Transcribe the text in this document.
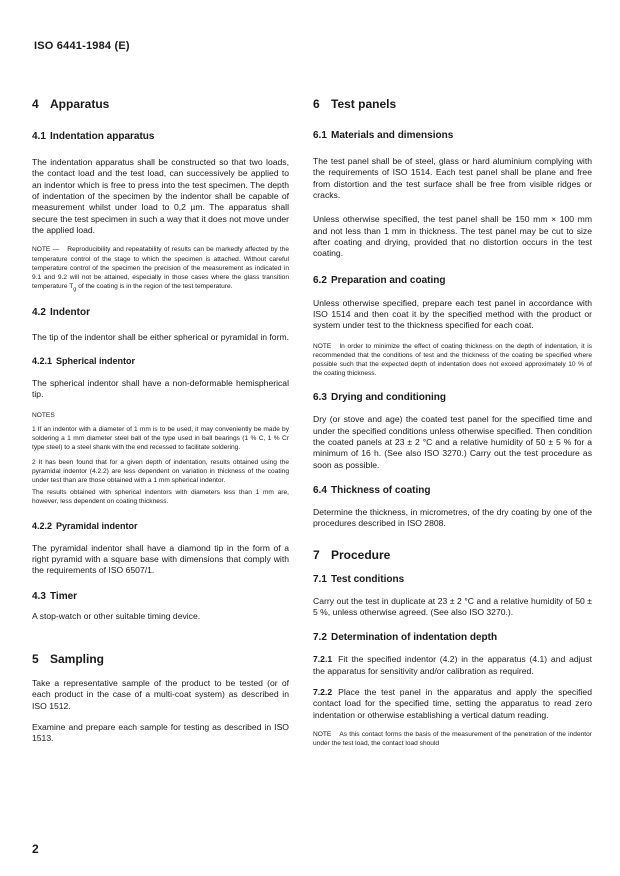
ISO 6441-1984 (E)
4 Apparatus
4.1 Indentation apparatus

The indentation apparatus shall be constructed so that two loads, the contact load and the test load, can successively be applied to an indentor which is free to press into the test specimen. The depth of indentation of the specimen by the indentor shall be capable of measurement whilst under load to 0,2 µm. The apparatus shall secure the test specimen in such a way that it does not move under the applied load.

NOTE — Reproducibility and repeatability of results can be markedly affected by the temperature control of the stage to which the specimen is attached. Without careful temperature control of the specimen the precision of the measurement as indicated in 9.1 and 9.2 will not be attained, especially in those cases where the glass transition temperature $T_g$ of the coating is in the region of the test temperature.

4.2 Indentor

The tip of the indentor shall be either spherical or pyramidal in form.

4.2.1 Spherical indentor

The spherical indentor shall have a non-deformable hemispherical tip.

NOTES

1 If an indentor with a diameter of 1 mm is to be used, it may conveniently be made by soldering a 1 mm diameter steel ball of the type used in ball bearings (1 % C, 1 % Cr type steel) to a steel shank with the end recessed to facilitate soldering.

2 It has been found that for a given depth of indentation, results obtained using the pyramidal indentor (4.2.2) are less dependent on variation in thickness of the coating under test than are those obtained with a 1 mm spherical indentor.

The results obtained with spherical indentors with diameters less than 1 mm are, however, less dependent on coating thickness.

4.2.2 Pyramidal indentor

The pyramidal indentor shall have a diamond tip in the form of a right pyramid with a square base with dimensions that comply with the requirements of ISO 6507/1.

4.3 Timer

A stop-watch or other suitable timing device.

5 Sampling

Take a representative sample of the product to be tested (or of each product in the case of a multi-coat system) as described in ISO 1512.

Examine and prepare each sample for testing as described in ISO 1513.

6 Test panels
6.1 Materials and dimensions

The test panel shall be of steel, glass or hard aluminium complying with the requirements of ISO 1514. Each test panel shall be plane and free from distortion and the test surface shall be free from visible ridges or cracks.

Unless otherwise specified, the test panel shall be 150 mm × 100 mm and not less than 1 mm in thickness. The test panel may be cut to size after coating and drying, provided that no distortion occurs in the test coating.

6.2 Preparation and coating

Unless otherwise specified, prepare each test panel in accordance with ISO 1514 and then coat it by the specified method with the product or system under test to the thickness specified for each coat.

NOTE In order to minimize the effect of coating thickness on the depth of indentation, it is recommended that the conditions of test and the thickness of the coating be specified where possible such that the expected depth of indentation does not exceed approximately 10 % of the coating thickness.

6.3 Drying and conditioning

Dry (or stove and age) the coated test panel for the specified time and under the specified conditions unless otherwise specified. Then condition the coated panels at 23 ± 2 °C and a relative humidity of 50 ± 5 % for a minimum of 16 h. (See also ISO 3270.) Carry out the test procedure as soon as possible.

6.4 Thickness of coating

Determine the thickness, in micrometres, of the dry coating by one of the procedures described in ISO 2808.

7 Procedure
7.1 Test conditions

Carry out the test in duplicate at 23 ± 2 °C and a relative humidity of 50 ± 5 %, unless otherwise agreed. (See also ISO 3270.).

7.2 Determination of indentation depth

7.2.1 Fit the specified indentor (4.2) in the apparatus (4.1) and adjust the apparatus for sensitivity and/or calibration as required.

7.2.2 Place the test panel in the apparatus and apply the specified contact load for the specified time, setting the apparatus to read zero indentation or otherwise establishing a vertical datum reading.

NOTE As this contact forms the basis of the measurement of the penetration of the indentor under the test load, the contact load should

2
